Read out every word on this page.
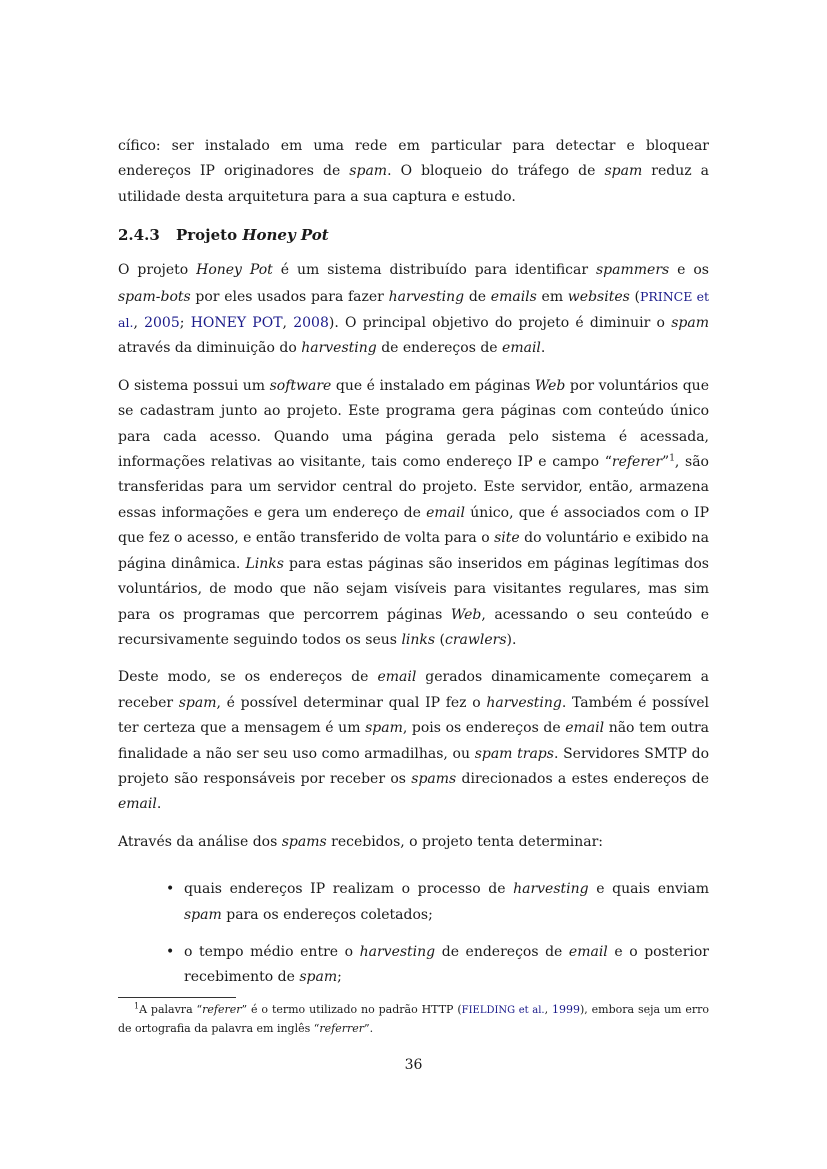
cífico: ser instalado em uma rede em particular para detectar e bloquear endereços IP originadores de spam. O bloqueio do tráfego de spam reduz a utilidade desta arquitetura para a sua captura e estudo.

2.4.3 Projeto Honey Pot

O projeto Honey Pot é um sistema distribuído para identificar spammers e os spam-bots por eles usados para fazer harvesting de emails em websites (PRINCE et al., 2005; HONEY POT, 2008). O principal objetivo do projeto é diminuir o spam através da diminuição do harvesting de endereços de email.

O sistema possui um software que é instalado em páginas Web por voluntários que se cadastram junto ao projeto. Este programa gera páginas com conteúdo único para cada acesso. Quando uma página gerada pelo sistema é acessada, informações relativas ao visitante, tais como endereço IP e campo “referer”$^1$, são transferidas para um servidor central do projeto. Este servidor, então, armazena essas informações e gera um endereço de email único, que é associados com o IP que fez o acesso, e então transferido de volta para o site do voluntário e exibido na página dinâmica. Links para estas páginas são inseridos em páginas legítimas dos voluntários, de modo que não sejam visíveis para visitantes regulares, mas sim para os programas que percorrem páginas Web, acessando o seu conteúdo e recursivamente seguindo todos os seus links (crawlers).

Deste modo, se os endereços de email gerados dinamicamente começarem a receber spam, é possível determinar qual IP fez o harvesting. Também é possível ter certeza que a mensagem é um spam, pois os endereços de email não tem outra finalidade a não ser seu uso como armadilhas, ou spam traps. Servidores SMTP do projeto são responsáveis por receber os spams direcionados a estes endereços de email.

Através da análise dos spams recebidos, o projeto tenta determinar:

• quais endereços IP realizam o processo de harvesting e quais enviam spam para os endereços coletados;
• o tempo médio entre o harvesting de endereços de email e o posterior recebimento de spam;
$^1$A palavra “referer” é o termo utilizado no padrão HTTP (FIELDING et al., 1999), embora seja um erro de ortografia da palavra em inglês “referrer”.
36
